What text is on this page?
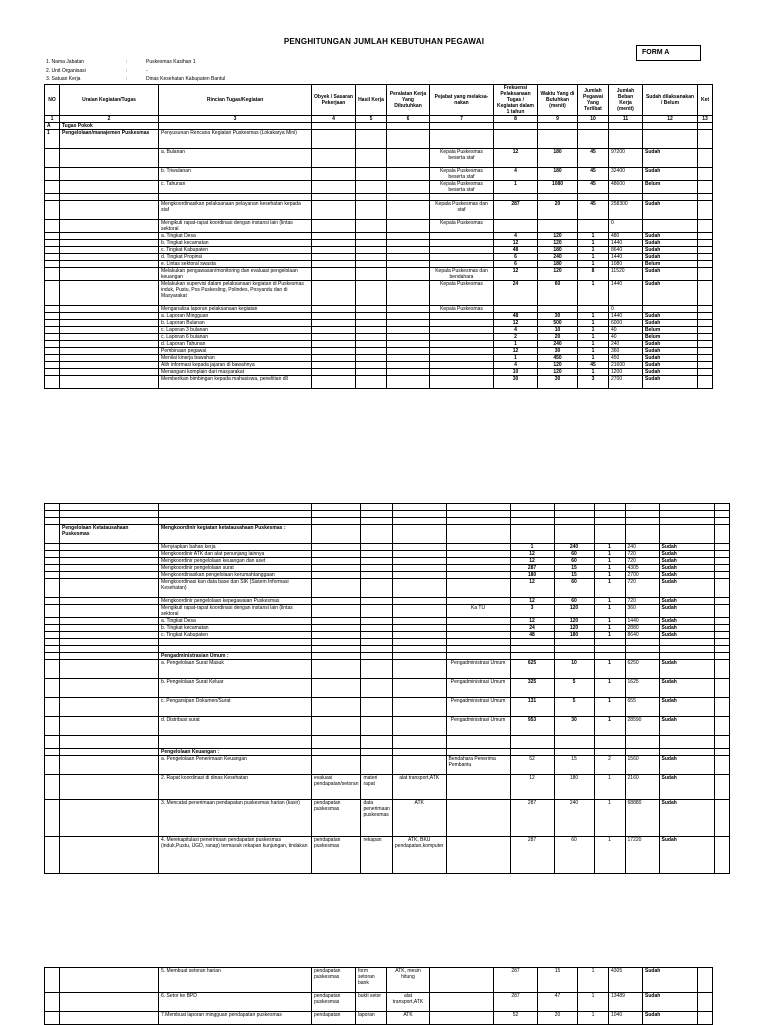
PENGHITUNGAN JUMLAH KEBUTUHAN PEGAWAI
FORM A
1. Nama Jabatan	:	Puskesmas Kasihan 1
2. Unit Organisasi	:	-
3. Satuan Kerja	:	Dinas Kesehatan Kabupaten Bantul
NO	Uraian Kegiatan/Tugas	Rincian Tugas/Kegiatan	Obyek / Sasaran Pekerjaan	Hasil Kerja	Peralatan Kerja Yang Dibutuhkan	Pejabat yang melaksa-nakan	Frekuensi Pelaksanaan Tugas / Kegiatan dalam 1 tahun	Waktu Yang di Butuhkan (menit)	Jumlah Pegawai Yang Terlibat	Jumlah Beban Kerja (menit)	Sudah dilaksanakan / Belum	Ket
1	2	3	4	5	6	7	8	9	10	11	12	13
A	Tugas Pokok											
1	Pengelolaan/manajemen Puskesmas	Penyusunan Rencana Kegiatan Puskesmas (Lokakarya Mini)										
		a. Bulanan				Kepala Puskesmas beserta staf	12	180	45	97200	Sudah	
		b. Triwulanan				Kepala Puskesmas beserta staf	4	180	45	32400	Sudah	
		c. Tahunan				Kepala Puskesmas beserta staf	1	1080	45	48600	Belum	

		Mengkoordinasikan pelaksanaan pelayanan kesehatan kepada staf				Kepala Puskesmas dan staf	287	20	45	258300	Sudah	
		Mengikuti rapat-rapat koordinasi dengan instansi lain (lintas sektoral				Kepala Puskesmas				0		
		a. Tingkat Desa					4	120	1	480	Sudah	
		b. Tingkat kecamatan					12	120	1	1440	Sudah	
		c. Tingkat Kabupaten					48	180	1	8640	Sudah	
		d. Tingkat Propinsi					6	240	1	1440	Sudah	
		e. Lintas sektoral swasta					6	180	1	1080	Belum	
		Melakukan pengawasan/monitoring dan evaluasi pengelolaan keuangan				Kepala Puskesmas dan bendahara	12	120	8	11520	Sudah	
		Melakukan supervisi dalam pelaksanaan kegiatan di Puskesmas induk, Pustu, Pos Puskesling, Polindes, Posyandu dan di Masyarakat				Kepala Puskesmas	24	60	1	1440	Sudah	
		Menganalisa laporan pelaksanaan kegiatan				Kepala Puskesmas				0		
		a. Laporan Mingguan					48	30	1	1440	Sudah	
		b. Laporan Bulanan					12	500	1	6000	Sudah	
		c. Laporan 3 bulanan					4	10	1	40	Belum	
		c. Laporan 6 bulanan					2	20	1	40	Belum	
		d. Laporan Tahunan					1	240	1	240	Sudah	
		Pembinaan pegawai					12	30	1	360	Sudah	
		Menilai kinerja bawahan					1	450	1	450	Sudah	
		Alih informasi kepada jajaran di bawahnya					4	120	45	21600	Sudah	
		Menangani komplain dari masyarakat					10	120	1	1200	Sudah	
		Memberikan bimbingan kepada mahasiswa, penelitian dll					30	30	3	2700	Sudah	

	Pengelolaan Ketatausahaan Puskesmas	Mengkoordinir kegiatan ketatausahaan Puskesmas :										
		Menyiapkan bahan kerja					1	240	1	240	Sudah	
		Mengkoordinir ATK dan alat penunjang lainnya					12	60	1	720	Sudah	
		Mengkoordinir pengelolaan keuangan dan aset					12	60	1	720	Sudah	
		Mengkoordinir pengelolaan surat					287	15	1	4305	Sudah	
		Mengkoordinasikan pengelolaan kerumahtanggaan					180	15	1	2700	Sudah	
		Mengkoordinasi kan data base dan SIK (Sistem Informasi Kesehatan)					12	60	1	720	Sudah	
		Mengkoordinir pengelolaan kepegawaian Puskesmas					12	60	1	720	Sudah	
		Mengikuti rapat-rapat koordinasi dengan instansi lain (lintas sektoral				Ka TU	3	120	1	360	Sudah	
		a. Tingkat Desa					12	120	1	1440	Sudah	
		b. Tingkat kecamatan					24	120	1	2880	Sudah	
		c. Tingkat Kabupaten					48	180	1	8640	Sudah	

		Pengadministrasian Umum :										
		a. Pengelolaan Surat Masuk				Pengadministrasi Umum	625	10	1	6250	Sudah	
		b. Pengelolaan Surat Keluar				Pengadministrasi Umum	325	5	1	1625	Sudah	
		c. Pengarsipan Dokumen/Surat				Pengadministrasi Umum	131	5	1	655	Sudah	
		d. Distribusi surat				Pengadministrasi Umum	953	30	1	28590	Sudah	

		Pengelolaan Keuangan :										
		a. Pengelolaan Penerimaan Keuangan				Bendahara Penerima Pembantu	52	15	2	1560	Sudah	
		2. Rapat koordinasi di dinas Kesehatan	evaluasi pendapatan/setoran	materi rapat	alat transport,ATK		12	180	1	2160	Sudah	
		3. Mencatat penerimaan pendapatan puskesmas harian (kasir)	pendapatan puskesmas	data penerimaan puskesmas	ATK		287	240	1	68880	Sudah	
		4. Merekapitulasi penerimaan pendapatan puskesmas (induk,Pustu, UGD, ranap) termasuk rekapan kunjungan, tindakan	pendapatan puskesmas	rekapan	ATK, BKU pendapatan,komputer		287	60	1	17220	Sudah	
		5. Membuat setoran harian	pendapatan puskesmas	form setoran bank	ATK, mesin hitung		287	15	1	4305	Sudah	
		6. Setor ke BPD	pendapatan puskesmas	bukti setor	alat transport,ATK		287	47	1	13489	Sudah	
		7.Membuat laporan mingguan pendapatan puskesmas	pendapatan	laporan	ATK		52	20	1	1040	Sudah	
